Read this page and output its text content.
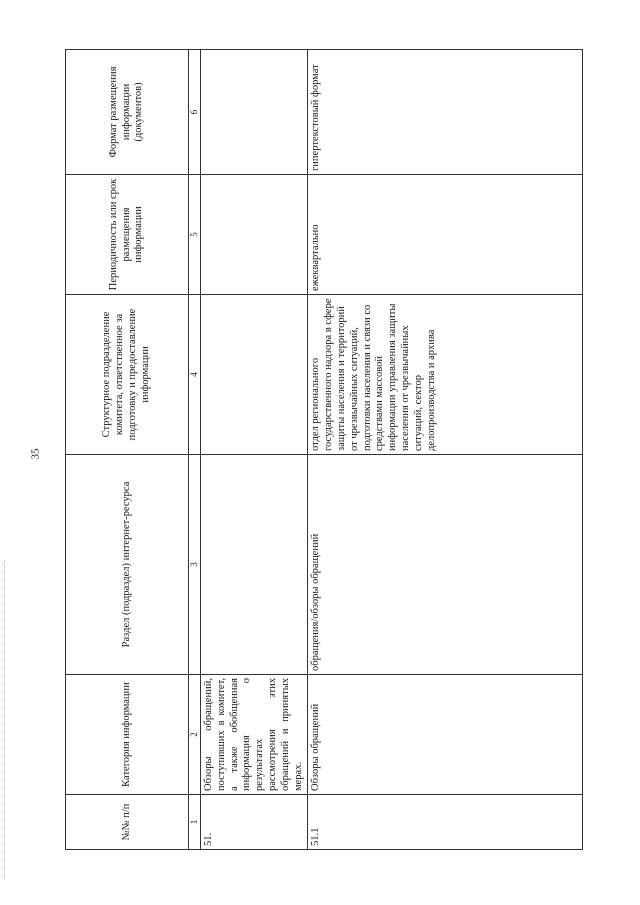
35
№№ п/п	Категория информации	Раздел (подраздел) интернет-ресурса	Структурное подразделение комитета, ответственное за подготовку и предоставление информации	Периодичность или срок размещения информации	Формат размещения информации (документов)
1	2	3	4	5	6
51.	Обзоры обращений, поступивших в комитет, а также обобщенная информация о результатах рассмотрения этих обращений и принятых мерах.				
51.1	Обзоры обращений	обращения/обзоры обращений	отдел регионального государственного надзора в сфере защиты населения и территорий от чрезвычайных ситуаций, подготовки населения и связи со средствами массовой информации управления защиты населения от чрезвычайных ситуаций, сектор делопроизводства и архива	ежеквартально	гипертекстовый формат
